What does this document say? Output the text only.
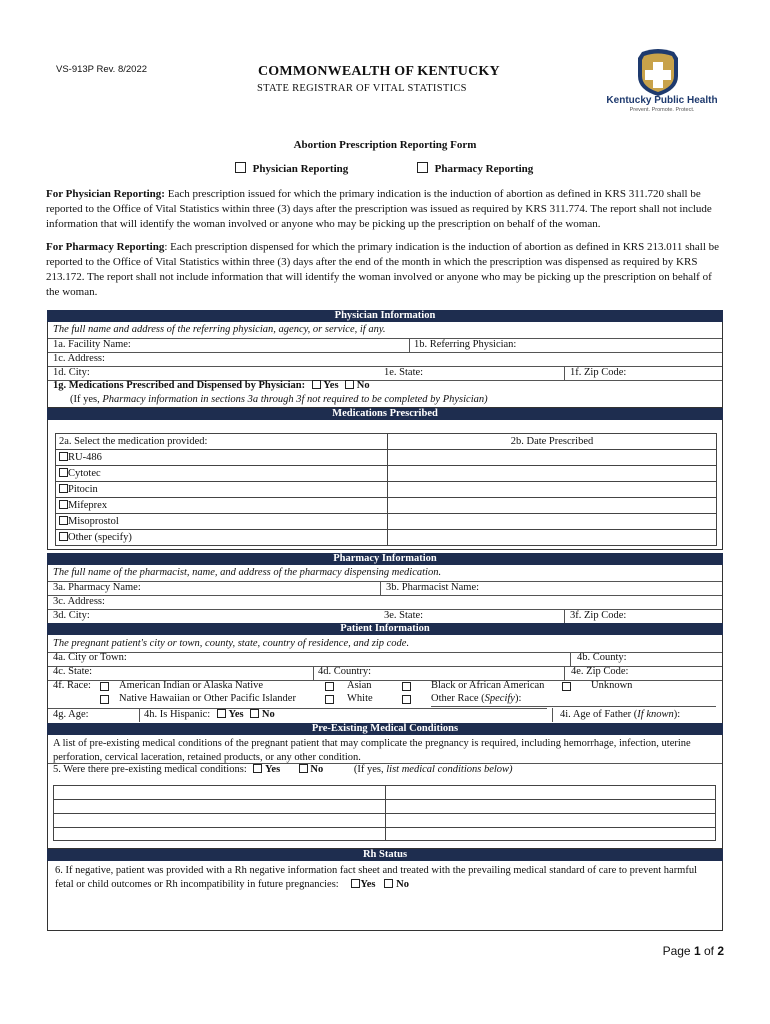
VS-913P Rev. 8/2022	COMMONWEALTH OF KENTUCKY
STATE REGISTRAR OF VITAL STATISTICS
Kentucky Public Health
Prevent. Promote. Protect.
Abortion Prescription Reporting Form
Physician Reporting	Pharmacy Reporting

For Physician Reporting: Each prescription issued for which the primary indication is the induction of abortion as defined in KRS 311.720 shall be reported to the Office of Vital Statistics within three (3) days after the prescription was issued as required by KRS 311.774. The report shall not include information that will identify the woman involved or anyone who may be picking up the prescription on behalf of the woman.

For Pharmacy Reporting: Each prescription dispensed for which the primary indication is the induction of abortion as defined in KRS 213.011 shall be reported to the Office of Vital Statistics within three (3) days after the end of the month in which the prescription was dispensed as required by KRS 213.172. The report shall not include information that will identify the woman involved or anyone who may be picking up the prescription on behalf of the woman.

Physician Information
The full name and address of the referring physician, agency, or service, if any.
1a. Facility Name:	1b. Referring Physician:
1c. Address:
1d. City:	1e. State:	1f. Zip Code:
1g. Medications Prescribed and Dispensed by Physician: Yes No
(If yes, Pharmacy information in sections 3a through 3f not required to be completed by Physician)
Medications Prescribed
2a. Select the medication provided:	2b. Date Prescribed
RU-486	
Cytotec	
Pitocin	
Mifeprex	
Misoprostol	
Other (specify)	
Pharmacy Information
The full name of the pharmacist, name, and address of the pharmacy dispensing medication.
3a. Pharmacy Name:	3b. Pharmacist Name:
3c. Address:
3d. City:	3e. State:	3f. Zip Code:
Patient Information
The pregnant patient's city or town, county, state, country of residence, and zip code.
4a. City or Town:	4b. County:
4c. State:	4d. Country:	4e. Zip Code:
4f. Race:	American Indian or Alaska Native	Asian	Black or African American	Unknown
Native Hawaiian or Other Pacific Islander	White	Other Race (Specify):
4g. Age:	4h. Is Hispanic: Yes No	4i. Age of Father (If known):
Pre-Existing Medical Conditions
A list of pre-existing medical conditions of the pregnant patient that may complicate the pregnancy is required, including hemorrhage, infection, uterine perforation, cervical laceration, retained products, or any other condition.
5. Were there pre-existing medical conditions: Yes	No	(If yes, list medical conditions below)
Rh Status
6. If negative, patient was provided with a Rh negative information fact sheet and treated with the prevailing medical standard of care to prevent harmful fetal or child outcomes or Rh incompatibility in future pregnancies: Yes No
Page 1 of 2
